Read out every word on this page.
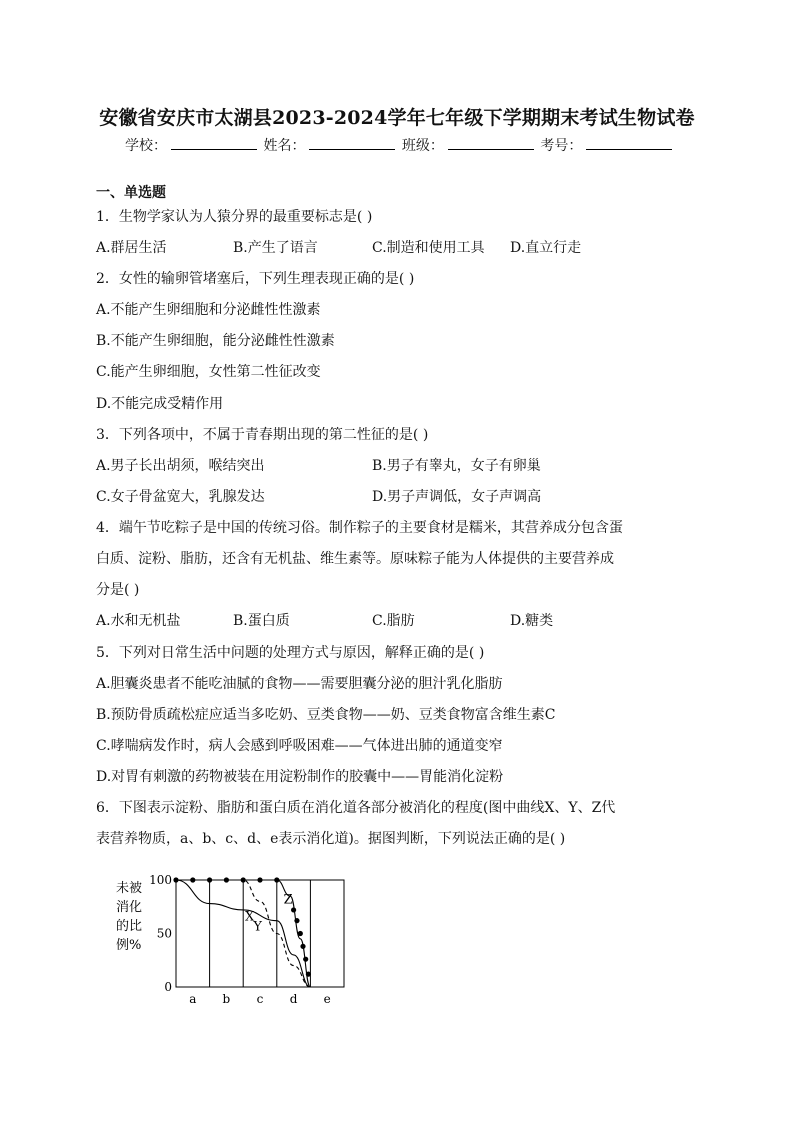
安徽省安庆市太湖县2023-2024学年七年级下学期期末考试生物试卷
学校：	姓名：	班级：	考号：
一、单选题
1．生物学家认为人猿分界的最重要标志是( )
A.群居生活	B.产生了语言	C.制造和使用工具 D.直立行走
2．女性的输卵管堵塞后，下列生理表现正确的是( )
A.不能产生卵细胞和分泌雌性性激素
B.不能产生卵细胞，能分泌雌性性激素
C.能产生卵细胞，女性第二性征改变
D.不能完成受精作用
3．下列各项中，不属于青春期出现的第二性征的是( )
A.男子长出胡须，喉结突出	B.男子有睾丸，女子有卵巢
C.女子骨盆宽大，乳腺发达	D.男子声调低，女子声调高
4．端午节吃粽子是中国的传统习俗。制作粽子的主要食材是糯米，其营养成分包含蛋
白质、淀粉、脂肪，还含有无机盐、维生素等。原味粽子能为人体提供的主要营养成
分是( )
A.水和无机盐	B.蛋白质	C.脂肪	D.糖类
5．下列对日常生活中问题的处理方式与原因，解释正确的是( )
A.胆囊炎患者不能吃油腻的食物——需要胆囊分泌的胆汁乳化脂肪
B.预防骨质疏松症应适当多吃奶、豆类食物——奶、豆类食物富含维生素C
C.哮喘病发作时，病人会感到呼吸困难——气体进出肺的通道变窄
D.对胃有刺激的药物被装在用淀粉制作的胶囊中——胃能消化淀粉
6．下图表示淀粉、脂肪和蛋白质在消化道各部分被消化的程度(图中曲线X、Y、Z代
表营养物质，a、b、c、d、e表示消化道)。据图判断，下列说法正确的是( )
未被
消化
的比
例%
100
50
0
a b c d e
X
Y
Z
